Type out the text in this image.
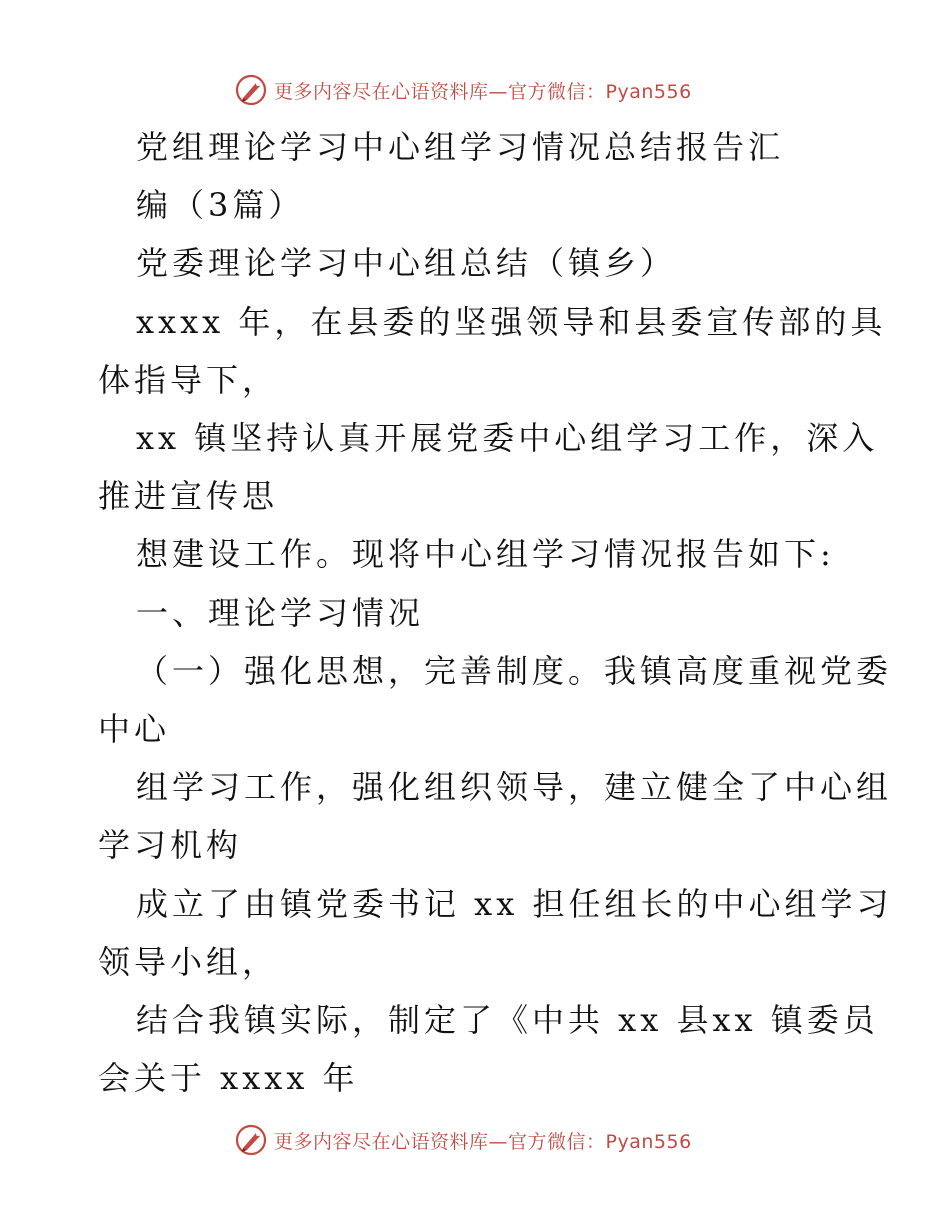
更多内容尽在心语资料库—官方微信：Pyan556
党组理论学习中心组学习情况总结报告汇
编（3篇）
党委理论学习中心组总结（镇乡）
xxxx 年，在县委的坚强领导和县委宣传部的具
体指导下，
xx 镇坚持认真开展党委中心组学习工作，深入
推进宣传思
想建设工作。现将中心组学习情况报告如下:
一、理论学习情况
（一）强化思想，完善制度。我镇高度重视党委
中心
组学习工作，强化组织领导，建立健全了中心组
学习机构
成立了由镇党委书记 xx 担任组长的中心组学习
领导小组，
结合我镇实际，制定了《中共 xx 县xx 镇委员
会关于 xxxx 年
更多内容尽在心语资料库—官方微信：Pyan556
